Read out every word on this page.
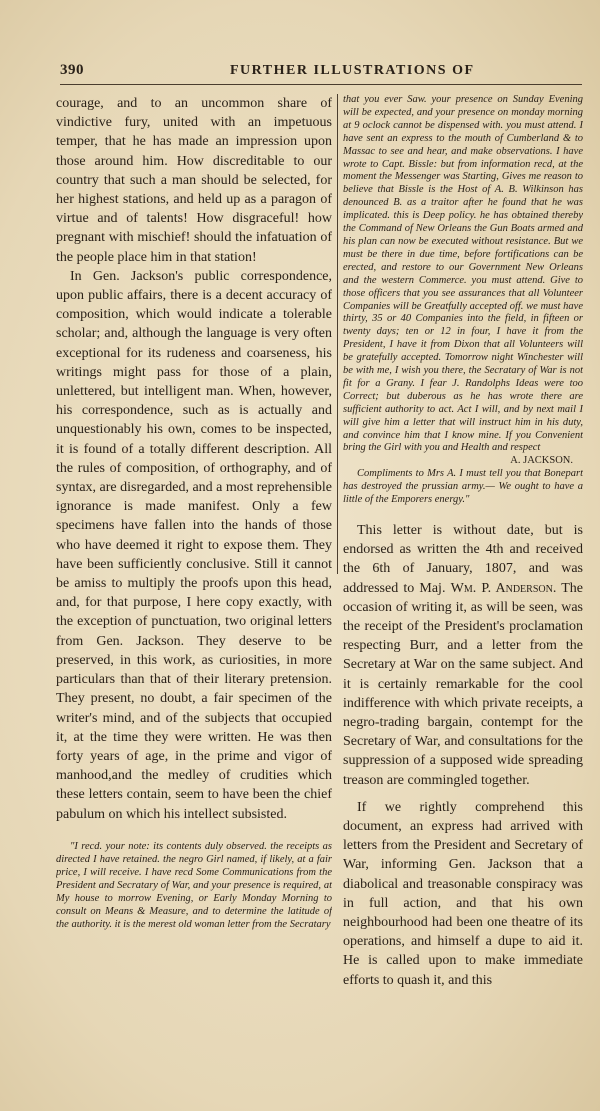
390	FURTHER ILLUSTRATIONS OF

courage, and to an uncommon share of vindictive fury, united with an impetuous temper, that he has made an impression upon those around him. How discreditable to our country that such a man should be selected, for her highest stations, and held up as a paragon of virtue and of talents! How disgraceful! how pregnant with mischief! should the infatuation of the people place him in that station!

In Gen. Jackson's public correspondence, upon public affairs, there is a decent accuracy of composition, which would indicate a tolerable scholar; and, although the language is very often exceptional for its rudeness and coarseness, his writings might pass for those of a plain, unlettered, but intelligent man. When, however, his correspondence, such as is actually and unquestionably his own, comes to be inspected, it is found of a totally different description. All the rules of composition, of orthography, and of syntax, are disregarded, and a most reprehensible ignorance is made manifest. Only a few specimens have fallen into the hands of those who have deemed it right to expose them. They have been sufficiently conclusive. Still it cannot be amiss to multiply the proofs upon this head, and, for that purpose, I here copy exactly, with the exception of punctuation, two original letters from Gen. Jackson. They deserve to be preserved, in this work, as curiosities, in more particulars than that of their literary pretension. They present, no doubt, a fair specimen of the writer's mind, and of the subjects that occupied it, at the time they were written. He was then forty years of age, in the prime and vigor of manhood,and the medley of crudities which these letters contain, seem to have been the chief pabulum on which his intellect subsisted.

"I recd. your note: its contents duly observed. the receipts as directed I have retained. the negro Girl named, if likely, at a fair price, I will receive. I have recd Some Communications from the President and Secratary of War, and your presence is required, at My house to morrow Evening, or Early Monday Morning to consult on Means & Measure, and to determine the latitude of the authority. it is the merest old woman letter from the Secratary

that you ever Saw. your presence on Sunday Evening will be expected, and your presence on monday morning at 9 oclock cannot be dispensed with. you must attend. I have sent an express to the mouth of Cumberland & to Massac to see and hear, and make observations. I have wrote to Capt. Bissle: but from information recd, at the moment the Messenger was Starting, Gives me reason to believe that Bissle is the Host of A. B. Wilkinson has denounced B. as a traitor after he found that he was implicated. this is Deep policy. he has obtained thereby the Command of New Orleans the Gun Boats armed and his plan can now be executed without resistance. But we must be there in due time, before fortifications can be erected, and restore to our Government New Orleans and the western Commerce. you must attend. Give to those officers that you see assurances that all Volunteer Companies will be Greatfully accepted off. we must have thirty, 35 or 40 Companies into the field, in fifteen or twenty days; ten or 12 in four, I have it from the President, I have it from Dixon that all Volunteers will be gratefully accepted. Tomorrow night Winchester will be with me, I wish you there, the Secratary of War is not fit for a Grany. I fear J. Randolphs Ideas were too Correct; but duberous as he has wrote there are sufficient authority to act. Act I will, and by next mail I will give him a letter that will instruct him in his duty, and convince him that I know mine. If you Convenient bring the Girl with you and Health and respect

A. JACKSON.

Compliments to Mrs A. I must tell you that Bonepart has destroyed the prussian army.— We ought to have a little of the Emporers energy."

This letter is without date, but is endorsed as written the 4th and received the 6th of January, 1807, and was addressed to Maj. Wm. P. Anderson. The occasion of writing it, as will be seen, was the receipt of the President's proclamation respecting Burr, and a letter from the Secretary at War on the same subject. And it is certainly remarkable for the cool indifference with which private receipts, a negro-trading bargain, contempt for the Secretary of War, and consultations for the suppression of a supposed wide spreading treason are commingled together.

If we rightly comprehend this document, an express had arrived with letters from the President and Secretary of War, informing Gen. Jackson that a diabolical and treasonable conspiracy was in full action, and that his own neighbourhood had been one theatre of its operations, and himself a dupe to aid it. He is called upon to make immediate efforts to quash it, and this
